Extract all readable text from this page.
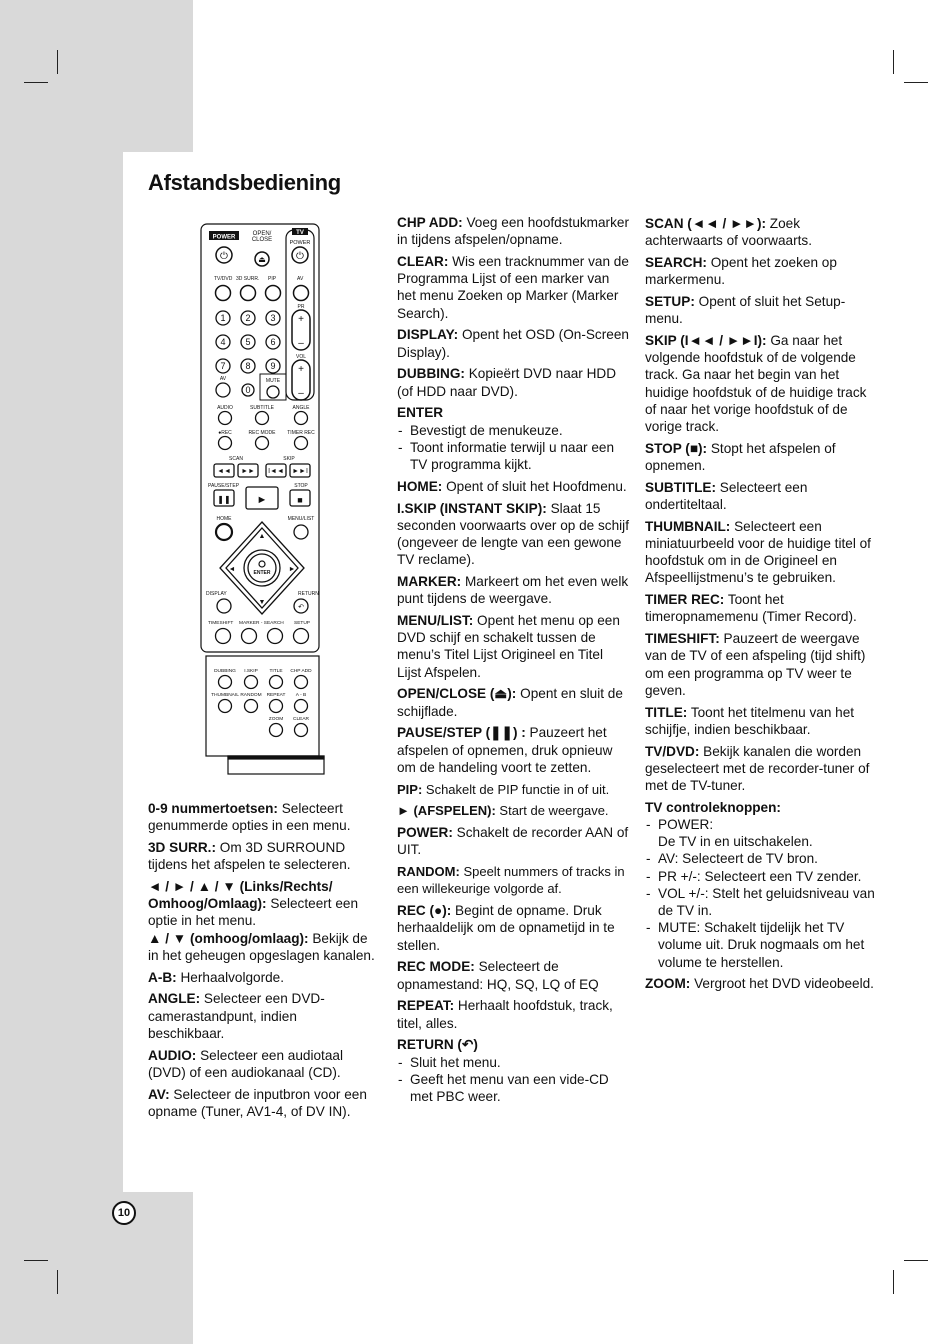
Afstandsbediening
POWER
OPEN/ CLOSE
TV
POWER
⏻	⏏	⏻
TV/DVD 3D SURR. PIP	AV
PR
+
–
VOL
+
–
1 2 3
4 5 6
7 8 9
0
AV	MUTE
AUDIO	SUBTITLE	ANGLE
●REC	REC MODE TIMER REC
SCAN	SKIP
◄◄ ►► I◄◄ ►►I
PAUSE/STEP	STOP
❚❚ ►	■
HOME	MENU/LIST
▲
▼
◄	►
ENTER
DISPLAY	RETURN
↶
TIMESHIFT MARKER - SEARCH SETUP
DUBBING I.SKIP TITLE CHP ADD
THUMBNAIL RANDOM REPEAT A - B
ZOOM CLEAR

0-9 nummertoetsen: Selecteert genummerde opties in een menu.

3D SURR.: Om 3D SURROUND tijdens het afspelen te selecteren.

◄ / ► / ▲ / ▼ (Links/Rechts/ Omhoog/Omlaag): Selecteert een optie in het menu.

▲ / ▼ (omhoog/omlaag): Bekijk de in het geheugen opgeslagen kanalen.

A-B: Herhaalvolgorde.

ANGLE: Selecteer een DVD-camerastandpunt, indien beschikbaar.

AUDIO: Selecteer een audiotaal (DVD) of een audiokanaal (CD).

AV: Selecteer de inputbron voor een opname (Tuner, AV1-4, of DV IN).

CHP ADD: Voeg een hoofdstukmarker in tijdens afspelen/opname.

CLEAR: Wis een tracknummer van de Programma Lijst of een marker van het menu Zoeken op Marker (Marker Search).

DISPLAY: Opent het OSD (On-Screen Display).

DUBBING: Kopieërt DVD naar HDD (of HDD naar DVD).

ENTER

- Bevestigt de menukeuze.
- Toont informatie terwijl u naar een TV programma kijkt.

HOME: Opent of sluit het Hoofdmenu.

I.SKIP (INSTANT SKIP): Slaat 15 seconden voorwaarts over op de schijf (ongeveer de lengte van een gewone TV reclame).

MARKER: Markeert om het even welk punt tijdens de weergave.

MENU/LIST: Opent het menu op een DVD schijf en schakelt tussen de menu’s Titel Lijst Origineel en Titel Lijst Afspelen.

OPEN/CLOSE (⏏): Opent en sluit de schijflade.

PAUSE/STEP (❚❚) : Pauzeert het afspelen of opnemen, druk opnieuw om de handeling voort te zetten.

PIP: Schakelt de PIP functie in of uit.

► (AFSPELEN): Start de weergave.

POWER: Schakelt de recorder AAN of UIT.

RANDOM: Speelt nummers of tracks in een willekeurige volgorde af.

REC (●): Begint de opname. Druk herhaaldelijk om de opnametijd in te stellen.

REC MODE: Selecteert de opnamestand: HQ, SQ, LQ of EQ

REPEAT: Herhaalt hoofdstuk, track, titel, alles.

RETURN (↶)

- Sluit het menu.
- Geeft het menu van een vide-CD met PBC weer.

SCAN (◄◄ / ►►): Zoek achterwaarts of voorwaarts.

SEARCH: Opent het zoeken op markermenu.

SETUP: Opent of sluit het Setup-menu.

SKIP (I◄◄ / ►►I): Ga naar het volgende hoofdstuk of de volgende track. Ga naar het begin van het huidige hoofdstuk of de huidige track of naar het vorige hoofdstuk of de vorige track.

STOP (■): Stopt het afspelen of opnemen.

SUBTITLE: Selecteert een ondertiteltaal.

THUMBNAIL: Selecteert een miniatuurbeeld voor de huidige titel of hoofdstuk om in de Origineel en Afspeellijstmenu’s te gebruiken.

TIMER REC: Toont het timeropnamemenu (Timer Record).

TIMESHIFT: Pauzeert de weergave van de TV of een afspeling (tijd shift) om een programma op TV weer te geven.

TITLE: Toont het titelmenu van het schijfje, indien beschikbaar.

TV/DVD: Bekijk kanalen die worden geselecteert met de recorder-tuner of met de TV-tuner.

TV controleknoppen:

- POWER:
De TV in en uitschakelen.
- AV: Selecteert de TV bron.
- PR +/-: Selecteert een TV zender.
- VOL +/-: Stelt het geluidsniveau van de TV in.
- MUTE: Schakelt tijdelijk het TV volume uit. Druk nogmaals om het volume te herstellen.

ZOOM: Vergroot het DVD videobeeld.

10
